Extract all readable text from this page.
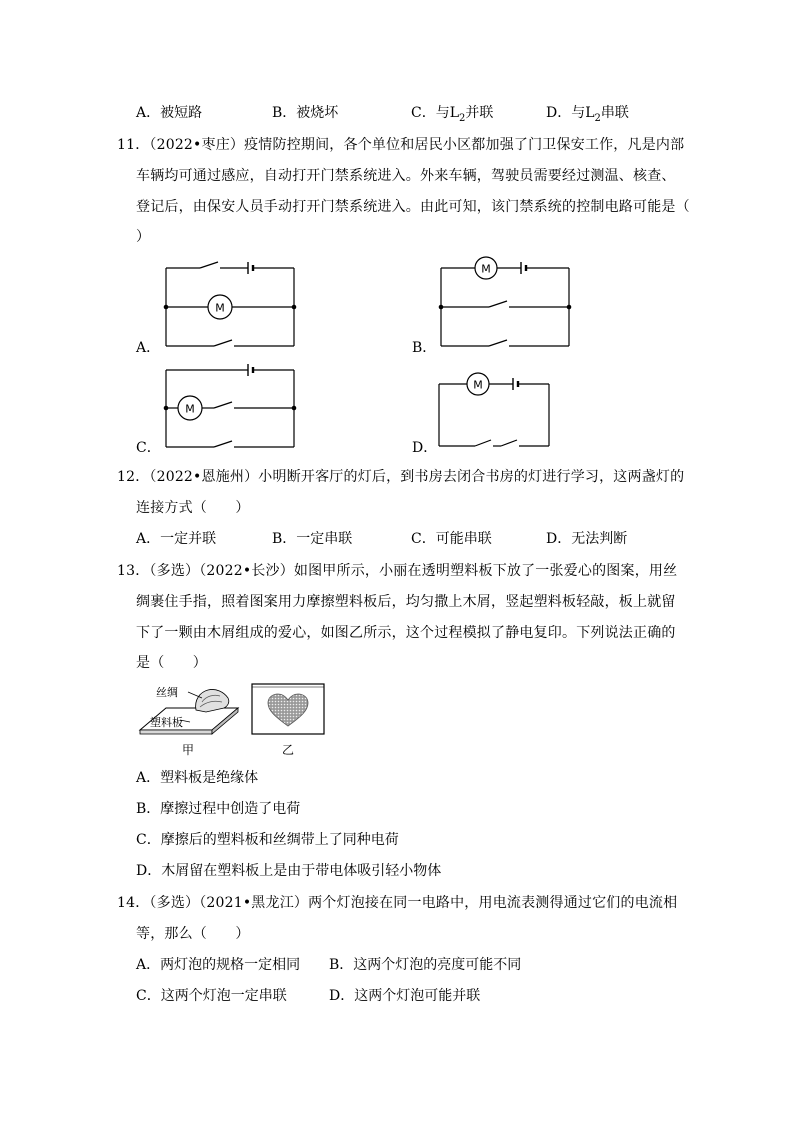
A．被短路	B．被烧坏	C．与$L_2$并联	D．与$L_2$串联
11．（2022•枣庄）疫情防控期间，各个单位和居民小区都加强了门卫保安工作，凡是内部
车辆均可通过感应，自动打开门禁系统进入。外来车辆，驾驶员需要经过测温、核查、
登记后，由保安人员手动打开门禁系统进入。由此可知，该门禁系统的控制电路可能是（
）
M
A．
M
B．
M
C．
M
D．
12．（2022•恩施州）小明断开客厅的灯后，到书房去闭合书房的灯进行学习，这两盏灯的
连接方式（　　）
A．一定并联	B．一定串联	C．可能串联	D．无法判断
13．（多选）（2022•长沙）如图甲所示，小丽在透明塑料板下放了一张爱心的图案，用丝
绸裹住手指，照着图案用力摩擦塑料板后，均匀撒上木屑，竖起塑料板轻敲，板上就留
下了一颗由木屑组成的爱心，如图乙所示，这个过程模拟了静电复印。下列说法正确的
是（　　）
丝绸
塑料板
甲	乙
A．塑料板是绝缘体
B．摩擦过程中创造了电荷
C．摩擦后的塑料板和丝绸带上了同种电荷
D．木屑留在塑料板上是由于带电体吸引轻小物体
14．（多选）（2021•黑龙江）两个灯泡接在同一电路中，用电流表测得通过它们的电流相
等，那么（　　）
A．两灯泡的规格一定相同 B．这两个灯泡的亮度可能不同
C．这两个灯泡一定串联	D．这两个灯泡可能并联
